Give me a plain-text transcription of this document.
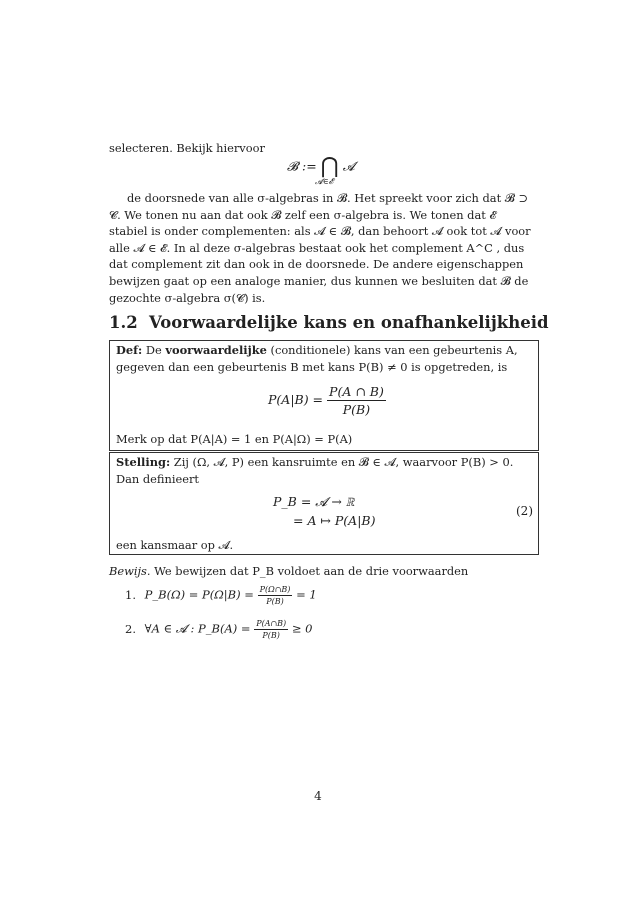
selecteren. Bekijk hiervoor

𝓑 := ⋂ 𝓐
𝓐∈𝓔

de doorsnede van alle σ-algebras in 𝓑. Het spreekt voor zich dat 𝓑 ⊃ 𝓒. We tonen nu aan dat ook 𝓑 zelf een σ-algebra is. We tonen dat 𝓔 stabiel is onder complementen: als 𝓐 ∈ 𝓑, dan behoort 𝓐 ook tot 𝓐 voor alle 𝓐 ∈ 𝓔. In al deze σ-algebras bestaat ook het complement A^C , dus dat complement zit dan ook in de doorsnede. De andere eigenschappen bewijzen gaat op een analoge manier, dus kunnen we besluiten dat 𝓑 de gezochte σ-algebra σ(𝓒) is.

1.2 Voorwaardelijke kans en onafhankelijkheid

Def: De voorwaardelijke (conditionele) kans van een gebeurtenis A, gegeven dan een gebeurtenis B met kans P(B) ≠ 0 is opgetreden, is

$P(A|B) = \frac{P(A \cap B)}{P(B)}$

Merk op dat P(A|A) = 1 en P(A|Ω) = P(A)

Stelling: Zij (Ω, 𝓐, P) een kansruimte en 𝓑 ∈ 𝓐, waarvoor P(B) > 0. Dan definieert

P_B = 𝓐 → ℝ
= A ↦ P(A|B)
(2)

een kansmaar op 𝓐.

Bewijs. We bewijzen dat P_B voldoet aan de drie voorwaarden

1. P_B(Ω) = $P(\Omega|B) = \frac{P(\Omega\cap B)}{P(B)} = 1$
2. ∀A ∈ 𝓐 : P_B(A) = $\frac{P(A\cap B)}{P(B)} \ge 0$
4
